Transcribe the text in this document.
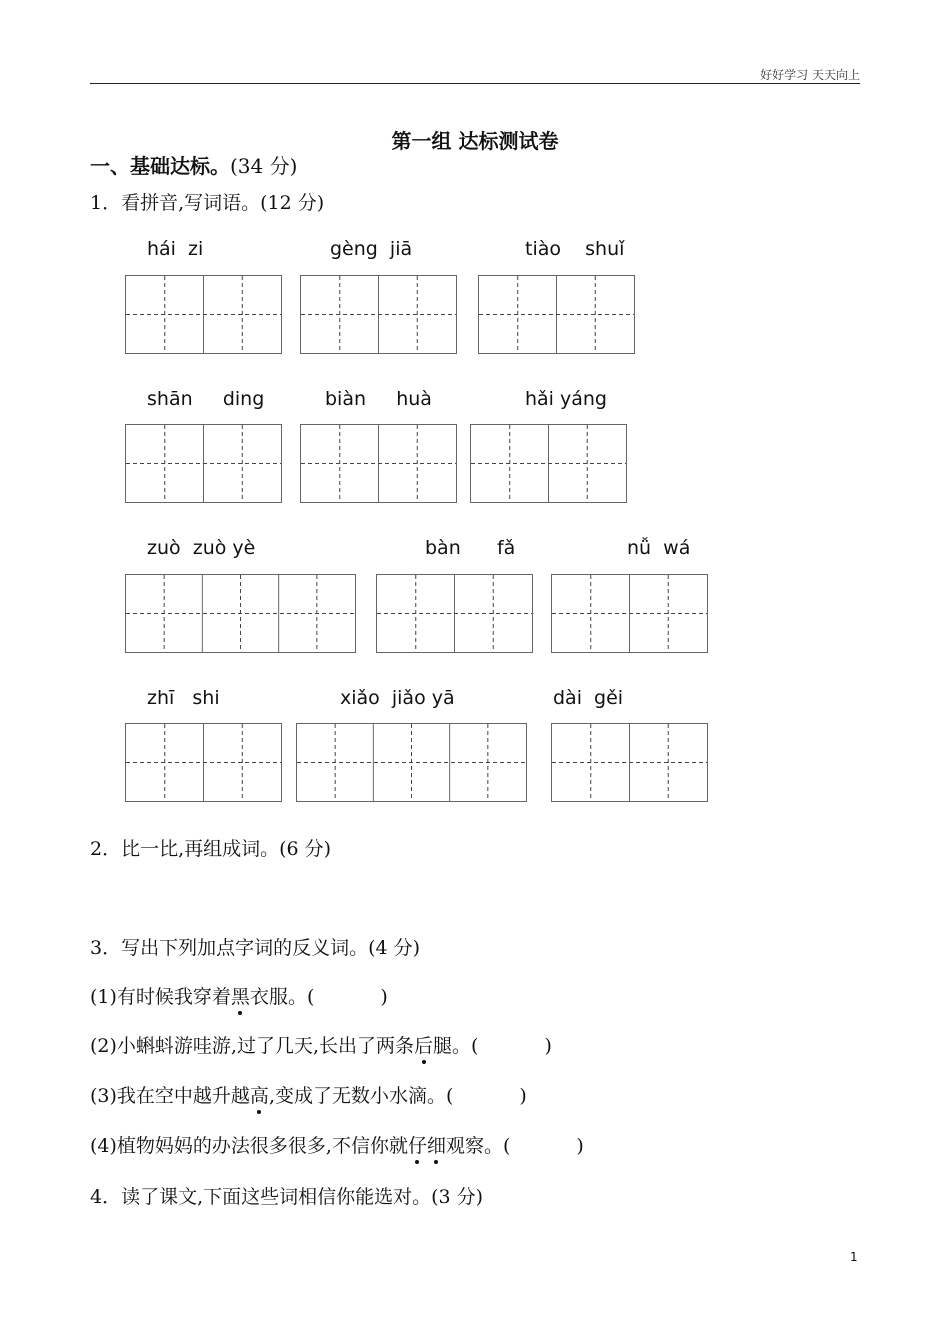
好好学习 天天向上
第一组 达标测试卷
一、基础达标。(34 分)
1．看拼音,写词语。(12 分)
hái  zi	gèng  jiā	tiào    shuǐ
shān     ding	biàn     huà	hǎi yáng
zuò  zuò yè	bàn      fǎ	nǚ  wá
zhī   shi	xiǎo  jiǎo yā	dài  gěi
2．比一比,再组成词。(6 分)
3．写出下列加点字词的反义词。(4 分)
(1)有时候我穿着黑衣服。(	)
(2)小蝌蚪游哇游,过了几天,长出了两条后腿。(	)
(3)我在空中越升越高,变成了无数小水滴。(	)
(4)植物妈妈的办法很多很多,不信你就仔细观察。(	)
4．读了课文,下面这些词相信你能选对。(3 分)
1
